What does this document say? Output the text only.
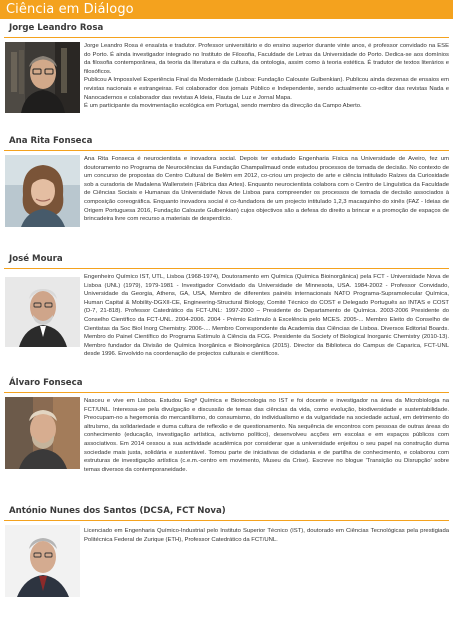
Ciência em Diálogo
Jorge Leandro Rosa

Jorge Leandro Rosa é ensaísta e tradutor. Professor universitário e do ensino superior durante vinte anos, é professor convidado na ESE do Porto. É ainda investigador integrado no Instituto de Filosofia, Faculdade de Letras da Universidade do Porto. Dedica-se aos domínios da filosofia contemporânea, da teoria da literatura e da cultura, da ontologia, assim como à teoria estética. É tradutor de textos literários e filosóficos.

Publicou A Impossível Experiência Final da Modernidade (Lisboa: Fundação Calouste Gulbenkian). Publicou ainda dezenas de ensaios em revistas nacionais e estrangeiras. Foi colaborador dos jornais Público e Independente, sendo actualmente co-editor das revistas Nada e Nanocadernos e colaborador das revistas A Ideia, Flauta de Luz e Jornal Mapa.

É um participante da movimentação ecológica em Portugal, sendo membro da direcção da Campo Aberto.

Ana Rita Fonseca

Ana Rita Fonseca é neurocientista e inovadora social. Depois ter estudado Engenharia Física na Universidade de Aveiro, fez um doutoramento no Programa de Neurociências da Fundação Champalimaud onde estudou processos de tomada de decisão. No contexto de um concurso de propostas do Centro Cultural de Belém em 2012, co-criou um projecto de arte e ciência intitulado Raízes da Curiosidade sob a curadoria de Madalena Wallenstein (Fábrica das Artes). Enquanto neurocientista colabora com o Centro de Linguística da Faculdade de Ciências Sociais e Humanas da Universidade Nova de Lisboa para compreender os processos de tomada de decisão associados à composição coreográfica. Enquanto inovadora social é co-fundadora de um projecto intitulado 1,2,3 macaquinho do xinês (FAZ - Ideias de Origem Portuguesa 2016, Fundação Calouste Gulbenkian) cujos objectivos são a defesa do direito a brincar e a promoção de espaços de brincadeira livre com recurso a materiais de desperdício.

José Moura

Engenheiro Químico IST, UTL, Lisboa (1968-1974), Doutoramento em Química (Química Bioinorgânica) pela FCT - Universidade Nova de Lisboa (UNL) (1979), 1979-1981 - Investigador Convidado da Universidade de Minnesota, USA. 1984-2002 - Professor Convidado, Universidade da Georgia, Athens, GA, USA, Membro de diferentes painéis internacionais NATO Programa-Supramolecular Química, Human Capital & Mobility-DGXII-CE, Engineering-Structural Biology, Comité Técnico do COST e Delegado Português ao INTAS e COST (D-7, 21-818). Professor Catedrático da FCT-UNL: 1997-2000 – Presidente do Departamento de Química. 2003-2006 Presidente do Conselho Científico da FCT-UNL. 2004-2006. 2004 - Prémio Estímulo à Excelência pelo MCES. 2005-... Membro Eleito do Conselho de Cientistas da Soc Biol Inorg Chemistry. 2006-.... Membro Correspondente da Academia das Ciências de Lisboa. Diversos Editorial Boards. Membro do Painel Científico do Programa Estímulo à Ciência da FCG. Presidente da Society of Biological Inorganic Chemistry (2010-13). Membro fundador da Divisão de Química Inorgânica e Bioinorgânica (2015). Director da Biblioteca do Campus de Caparica, FCT-UNL desde 1996. Envolvido na coordenação de projectos culturais e científicos.

Álvaro Fonseca

Nasceu e vive em Lisboa. Estudou Engª Química e Biotecnologia no IST e foi docente e investigador na área da Microbiologia na FCT/UNL. Interessa-se pela divulgação e discussão de temas das ciências da vida, como evolução, biodiversidade e sustentabilidade. Preocupam-no a hegemonia do mercantilismo, do consumismo, do individualismo e da vulgaridade na sociedade actual, em detrimento do altruísmo, da solidariedade e duma cultura de reflexão e de questionamento. Na sequência de encontros com pessoas de outras áreas do conhecimento (educação, investigação artística, activismo político), desenvolveu acções em escolas e em espaços públicos com associativos. Em 2014 cessou a sua actividade académica por considerar que a universidade enjeitou o seu papel na construção duma sociedade mais justa, solidária e sustentável. Tomou parte de iniciativas de cidadania e de partilha de conhecimento, e colaborou com estruturas de investigação artística (c.e.m.-centro em movimento, Museu da Crise). Escreve no blogue 'Transição ou Disrupção' sobre temas diversos da contemporaneidade.

António Nunes dos Santos (DCSA, FCT Nova)

Licenciado em Engenharia Químico-Industrial pelo Instituto Superior Técnico (IST), doutorado em Ciências Tecnológicas pela prestigiada Politécnica Federal de Zurique (ETH), Professor Catedrático da FCT/UNL.
